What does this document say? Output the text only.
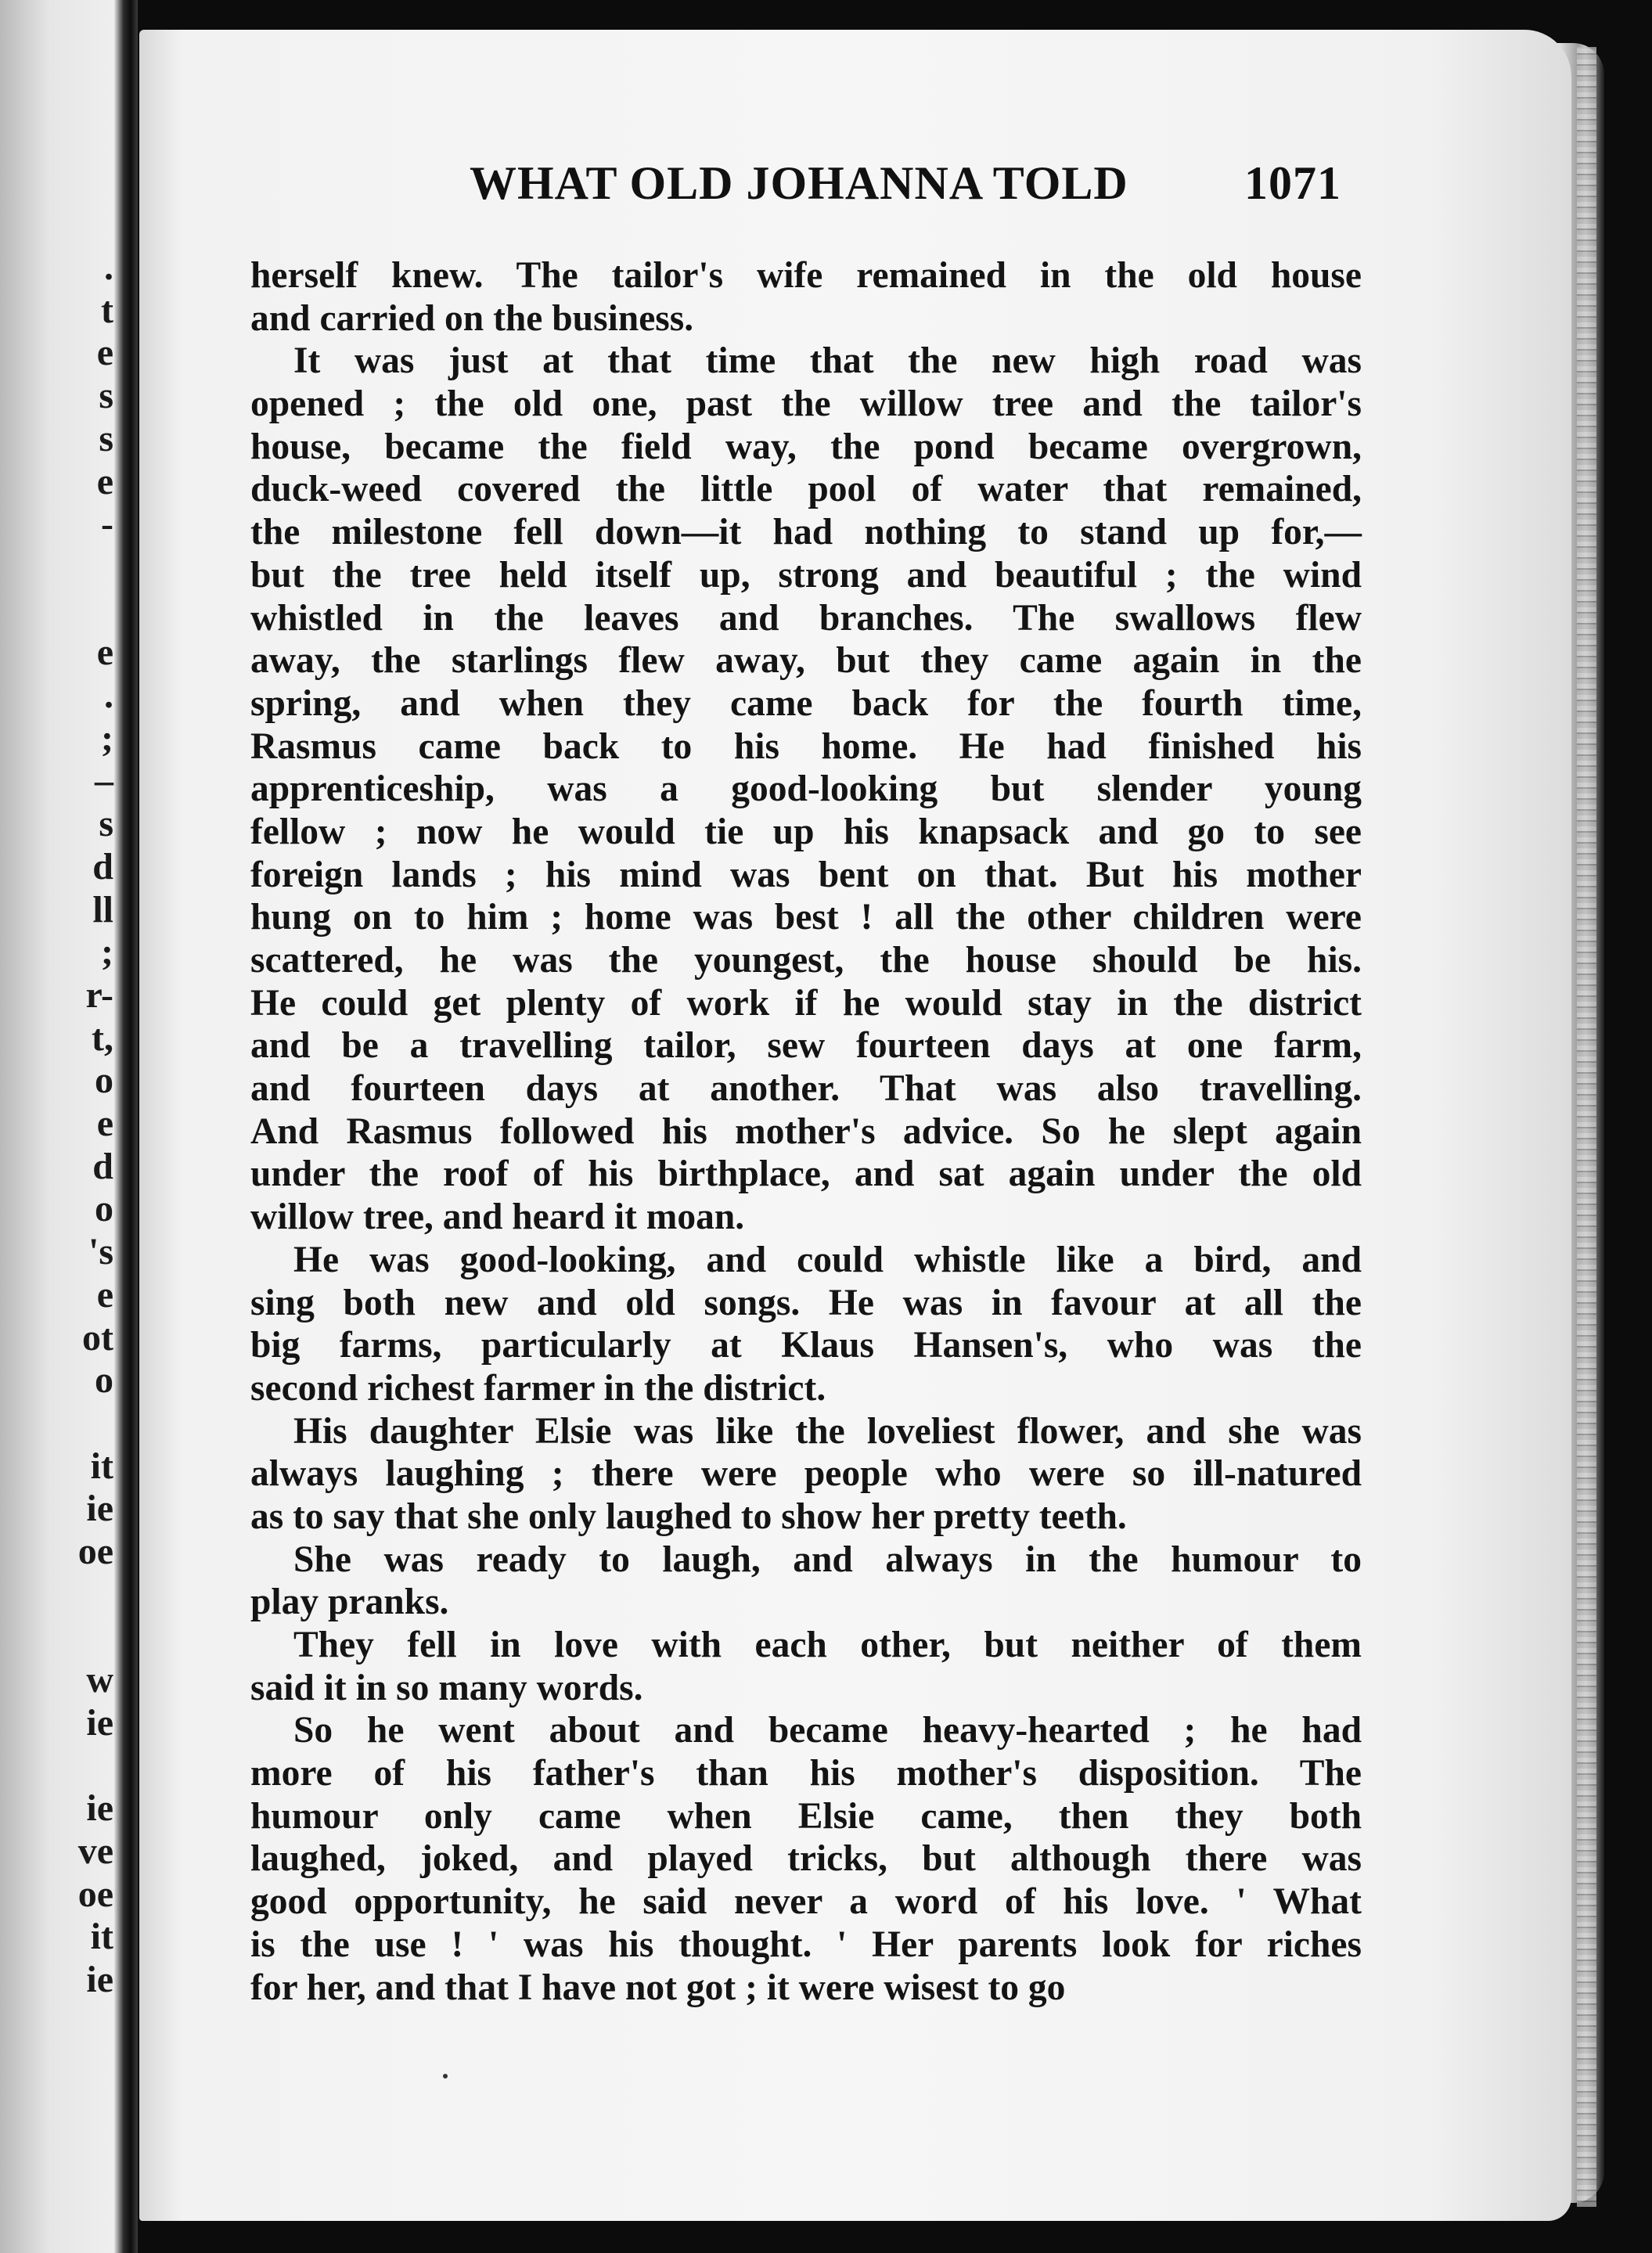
.
t
e
s
s
e
-
e
.
;
–
s
d
ll
;
r-
t,
o
e
d
o
's
e
ot
o
it
ie
oe
w
ie
ie
ve
oe
it
ie
WHAT OLD JOHANNA TOLD 1071
herself knew. The tailor's wife remained in the old house
and carried on the business.
It was just at that time that the new high road was
opened ; the old one, past the willow tree and the tailor's
house, became the field way, the pond became overgrown,
duck-weed covered the little pool of water that remained,
the milestone fell down—it had nothing to stand up for,—
but the tree held itself up, strong and beautiful ; the wind
whistled in the leaves and branches. The swallows flew
away, the starlings flew away, but they came again in the
spring, and when they came back for the fourth time,
Rasmus came back to his home. He had finished his
apprenticeship, was a good-looking but slender young
fellow ; now he would tie up his knapsack and go to see
foreign lands ; his mind was bent on that. But his mother
hung on to him ; home was best ! all the other children were
scattered, he was the youngest, the house should be his.
He could get plenty of work if he would stay in the district
and be a travelling tailor, sew fourteen days at one farm,
and fourteen days at another. That was also travelling.
And Rasmus followed his mother's advice. So he slept again
under the roof of his birthplace, and sat again under the old
willow tree, and heard it moan.
He was good-looking, and could whistle like a bird, and
sing both new and old songs. He was in favour at all the
big farms, particularly at Klaus Hansen's, who was the
second richest farmer in the district.
His daughter Elsie was like the loveliest flower, and she was
always laughing ; there were people who were so ill-natured
as to say that she only laughed to show her pretty teeth.
She was ready to laugh, and always in the humour to
play pranks.
They fell in love with each other, but neither of them
said it in so many words.
So he went about and became heavy-hearted ; he had
more of his father's than his mother's disposition. The
humour only came when Elsie came, then they both
laughed, joked, and played tricks, but although there was
good opportunity, he said never a word of his love. ' What
is the use ! ' was his thought. ' Her parents look for riches
for her, and that I have not got ; it were wisest to go
